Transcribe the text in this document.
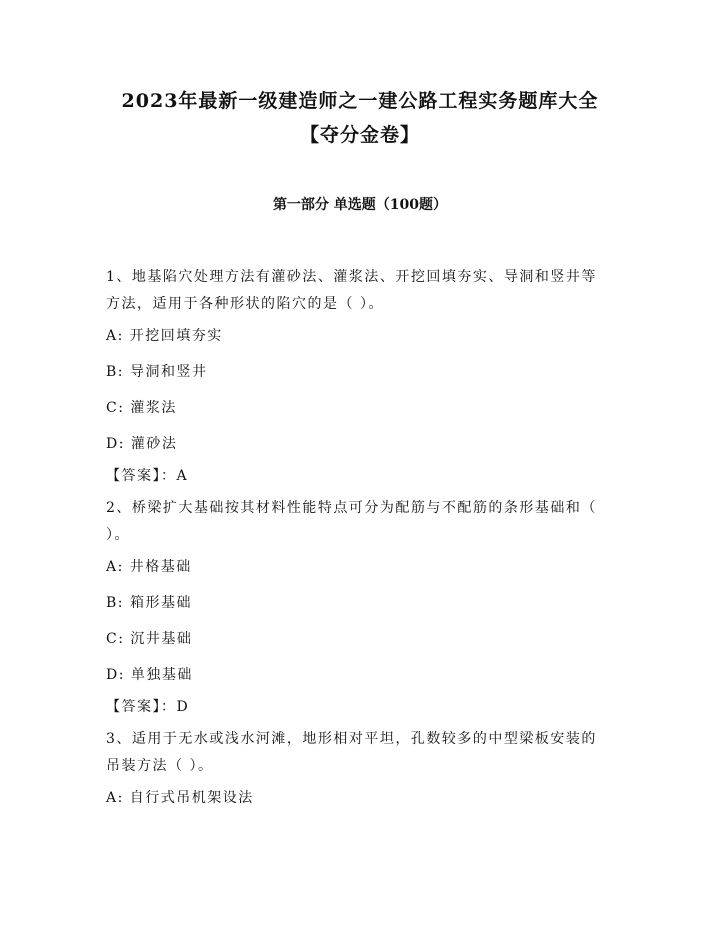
2023年最新一级建造师之一建公路工程实务题库大全
【夺分金卷】
第一部分 单选题（100题）
1、地基陷穴处理方法有灌砂法、灌浆法、开挖回填夯实、导洞和竖井等方法，适用于各种形状的陷穴的是（ ）。
A: 开挖回填夯实
B: 导洞和竖井
C: 灌浆法
D: 灌砂法
【答案】：A
2、桥梁扩大基础按其材料性能特点可分为配筋与不配筋的条形基础和（ ）。
A: 井格基础
B: 箱形基础
C: 沉井基础
D: 单独基础
【答案】：D
3、适用于无水或浅水河滩，地形相对平坦，孔数较多的中型梁板安装的吊装方法（ ）。
A: 自行式吊机架设法
